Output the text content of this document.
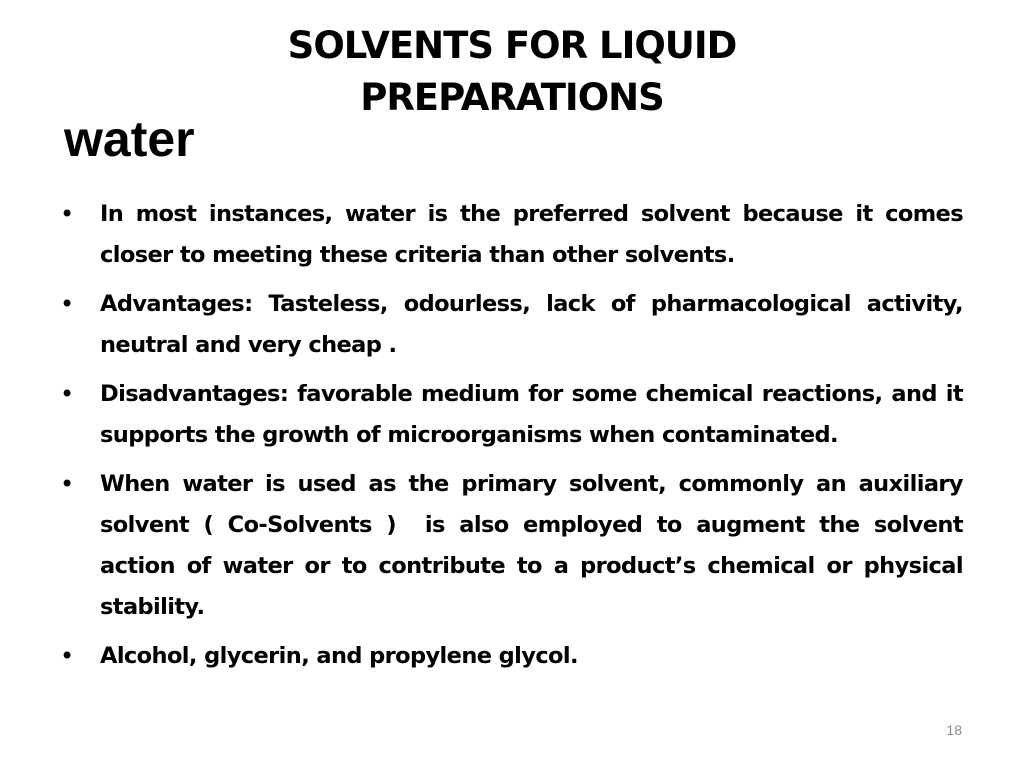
SOLVENTS FOR LIQUID
PREPARATIONS
water
•	In most instances, water is the preferred solvent because it comes closer to meeting these criteria than other solvents.
•	Advantages: Tasteless, odourless, lack of pharmacological activity, neutral and very cheap .
•	Disadvantages: favorable medium for some chemical reactions, and it supports the growth of microorganisms when contaminated.
•	When water is used as the primary solvent, commonly an auxiliary solvent ( Co-Solvents )  is also employed to augment the solvent action of water or to contribute to a product’s chemical or physical stability.
•	Alcohol, glycerin, and propylene glycol.
18
